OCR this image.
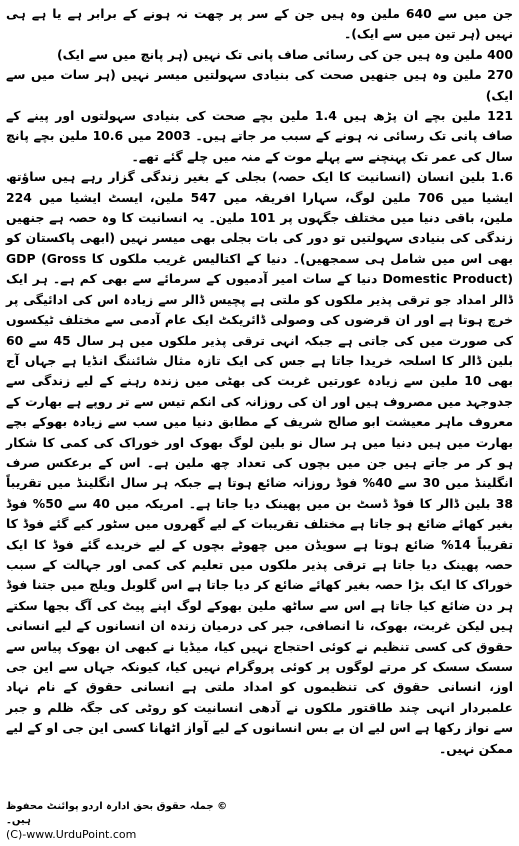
جن میں سے 640 ملین وہ ہیں جن کے سر پر چھت نہ ہونے کے برابر ہے یا ہے ہی نہیں (ہر تین میں سے ایک)۔

400 ملین وہ ہیں جن کی رسائی صاف پانی تک نہیں (ہر پانچ میں سے ایک)

270 ملین وہ ہیں جنھیں صحت کی بنیادی سہولتیں میسر نہیں (ہر سات میں سے ایک)

121 ملین بچے ان پڑھ ہیں 1.4 ملین بچے صحت کی بنیادی سہولتوں اور پینے کے صاف پانی تک رسائی نہ ہونے کے سبب مر جاتے ہیں۔ 2003 میں 10.6 ملین بچے پانچ سال کی عمر تک پہنچنے سے پہلے موت کے منہ میں چلے گئے تھے۔

1.6 بلین انسان (انسانیت کا ایک حصہ) بجلی کے بغیر زندگی گزار رہے ہیں ساؤتھ ایشیا میں 706 ملین لوگ، سہارا افریقہ میں 547 ملین، ایسٹ ایشیا میں 224 ملین، باقی دنیا میں مختلف جگہوں پر 101 ملین۔ یہ انسانیت کا وہ حصہ ہے جنھیں زندگی کی بنیادی سہولتیں تو دور کی بات بجلی بھی میسر نہیں (ابھی پاکستان کو بھی اس میں شامل ہی سمجھیں)۔ دنیا کے اکتالیس غریب ملکوں کا GDP (Gross Domestic Product) دنیا کے سات امیر آدمیوں کے سرمائے سے بھی کم ہے۔ ہر ایک ڈالر امداد جو ترقی پذیر ملکوں کو ملتی ہے پچیس ڈالر سے زیادہ اس کی ادائیگی پر خرچ ہوتا ہے اور ان قرضوں کی وصولی ڈائریکٹ ایک عام آدمی سے مختلف ٹیکسوں کی صورت میں کی جاتی ہے جبکہ انہی ترقی پذیر ملکوں میں ہر سال 45 سے 60 بلین ڈالر کا اسلحہ خریدا جاتا ہے جس کی ایک تازہ مثال شائننگ انڈیا ہے جہاں آج بھی 10 ملین سے زیادہ عورتیں غربت کی بھٹی میں زندہ رہنے کے لیے زندگی سے جدوجہد میں مصروف ہیں اور ان کی روزانہ کی انکم تیس سے تر روپے ہے بھارت کے معروف ماہر معیشت ابو صالح شریف کے مطابق دنیا میں سب سے زیادہ بھوکے بچے بھارت میں ہیں دنیا میں ہر سال نو بلین لوگ بھوک اور خوراک کی کمی کا شکار ہو کر مر جاتے ہیں جن میں بچوں کی تعداد چھ ملین ہے۔ اس کے برعکس صرف انگلینڈ میں 30 سے 40% فوڈ روزانہ ضائع ہوتا ہے جبکہ ہر سال انگلینڈ میں تقریباً 38 بلین ڈالر کا فوڈ ڈسٹ بن میں پھینک دیا جاتا ہے۔ امریکہ میں 40 سے 50% فوڈ بغیر کھائے ضائع ہو جاتا ہے مختلف تقریبات کے لیے گھروں میں سٹور کیے گئے فوڈ کا تقریباً 14% ضائع ہوتا ہے سویڈن میں چھوٹے بچوں کے لیے خریدے گئے فوڈ کا ایک حصہ پھینک دیا جاتا ہے ترقی پذیر ملکوں میں تعلیم کی کمی اور جہالت کے سبب خوراک کا ایک بڑا حصہ بغیر کھائے ضائع کر دیا جاتا ہے اس گلوبل ویلج میں جتنا فوڈ ہر دن ضائع کیا جاتا ہے اس سے ساٹھ ملین بھوکے لوگ اپنے پیٹ کی آگ بجھا سکتے ہیں لیکن غربت، بھوک، نا انصافی، جبر کی درمیان زندہ ان انسانوں کے لیے انسانی حقوق کی کسی تنظیم نے کوئی احتجاج نہیں کیا، میڈیا نے کبھی ان بھوک پیاس سے سسک سسک کر مرتے لوگوں پر کوئی پروگرام نہیں کیا، کیونکہ جہاں سے این جی اوز، انسانی حقوق کی تنظیموں کو امداد ملتی ہے انسانی حقوق کے نام نہاد علمبردار انہی چند طاقتور ملکوں نے آدھی انسانیت کو روٹی کی جگہ ظلم و جبر سے نواز رکھا ہے اس لیے ان بے بس انسانوں کے لیے آواز اٹھانا کسی این جی او کے لیے ممکن نہیں۔

© جملہ حقوق بحق ادارہ اردو پوائنٹ محفوظ ہیں۔
(C)-www.UrduPoint.com
